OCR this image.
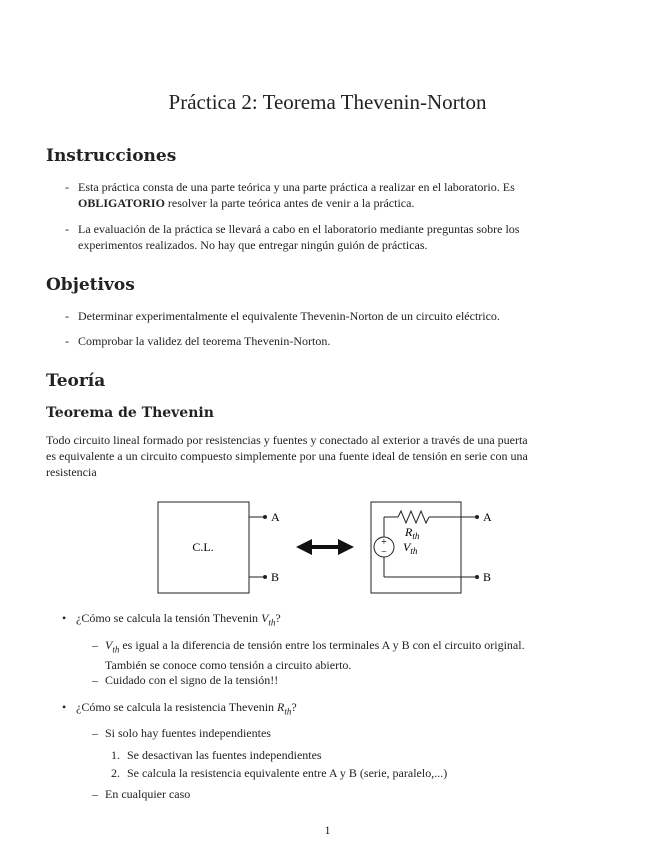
Práctica 2: Teorema Thevenin-Norton
Instrucciones
- Esta práctica consta de una parte teórica y una parte práctica a realizar en el laboratorio. Es
OBLIGATORIO resolver la parte teórica antes de venir a la práctica.
- La evaluación de la práctica se llevará a cabo en el laboratorio mediante preguntas sobre los
experimentos realizados. No hay que entregar ningún guión de prácticas.
Objetivos
- Determinar experimentalmente el equivalente Thevenin-Norton de un circuito eléctrico.
- Comprobar la validez del teorema Thevenin-Norton.
Teoría
Teorema de Thevenin
Todo circuito lineal formado por resistencias y fuentes y conectado al exterior a través de una puerta
es equivalente a un circuito compuesto simplemente por una fuente ideal de tensión en serie con una
resistencia
C.L.
A
B
A
+
−
$R_{th}$
$V_{th}$
B
• ¿Cómo se calcula la tensión Thevenin $V_{th}$?
– $V_{th}$ es igual a la diferencia de tensión entre los terminales A y B con el circuito original.
También se conoce como tensión a circuito abierto.
– Cuidado con el signo de la tensión!!
• ¿Cómo se calcula la resistencia Thevenin $R_{th}$?
– Si solo hay fuentes independientes
1. Se desactivan las fuentes independientes
2. Se calcula la resistencia equivalente entre A y B (serie, paralelo,...)
– En cualquier caso
1
